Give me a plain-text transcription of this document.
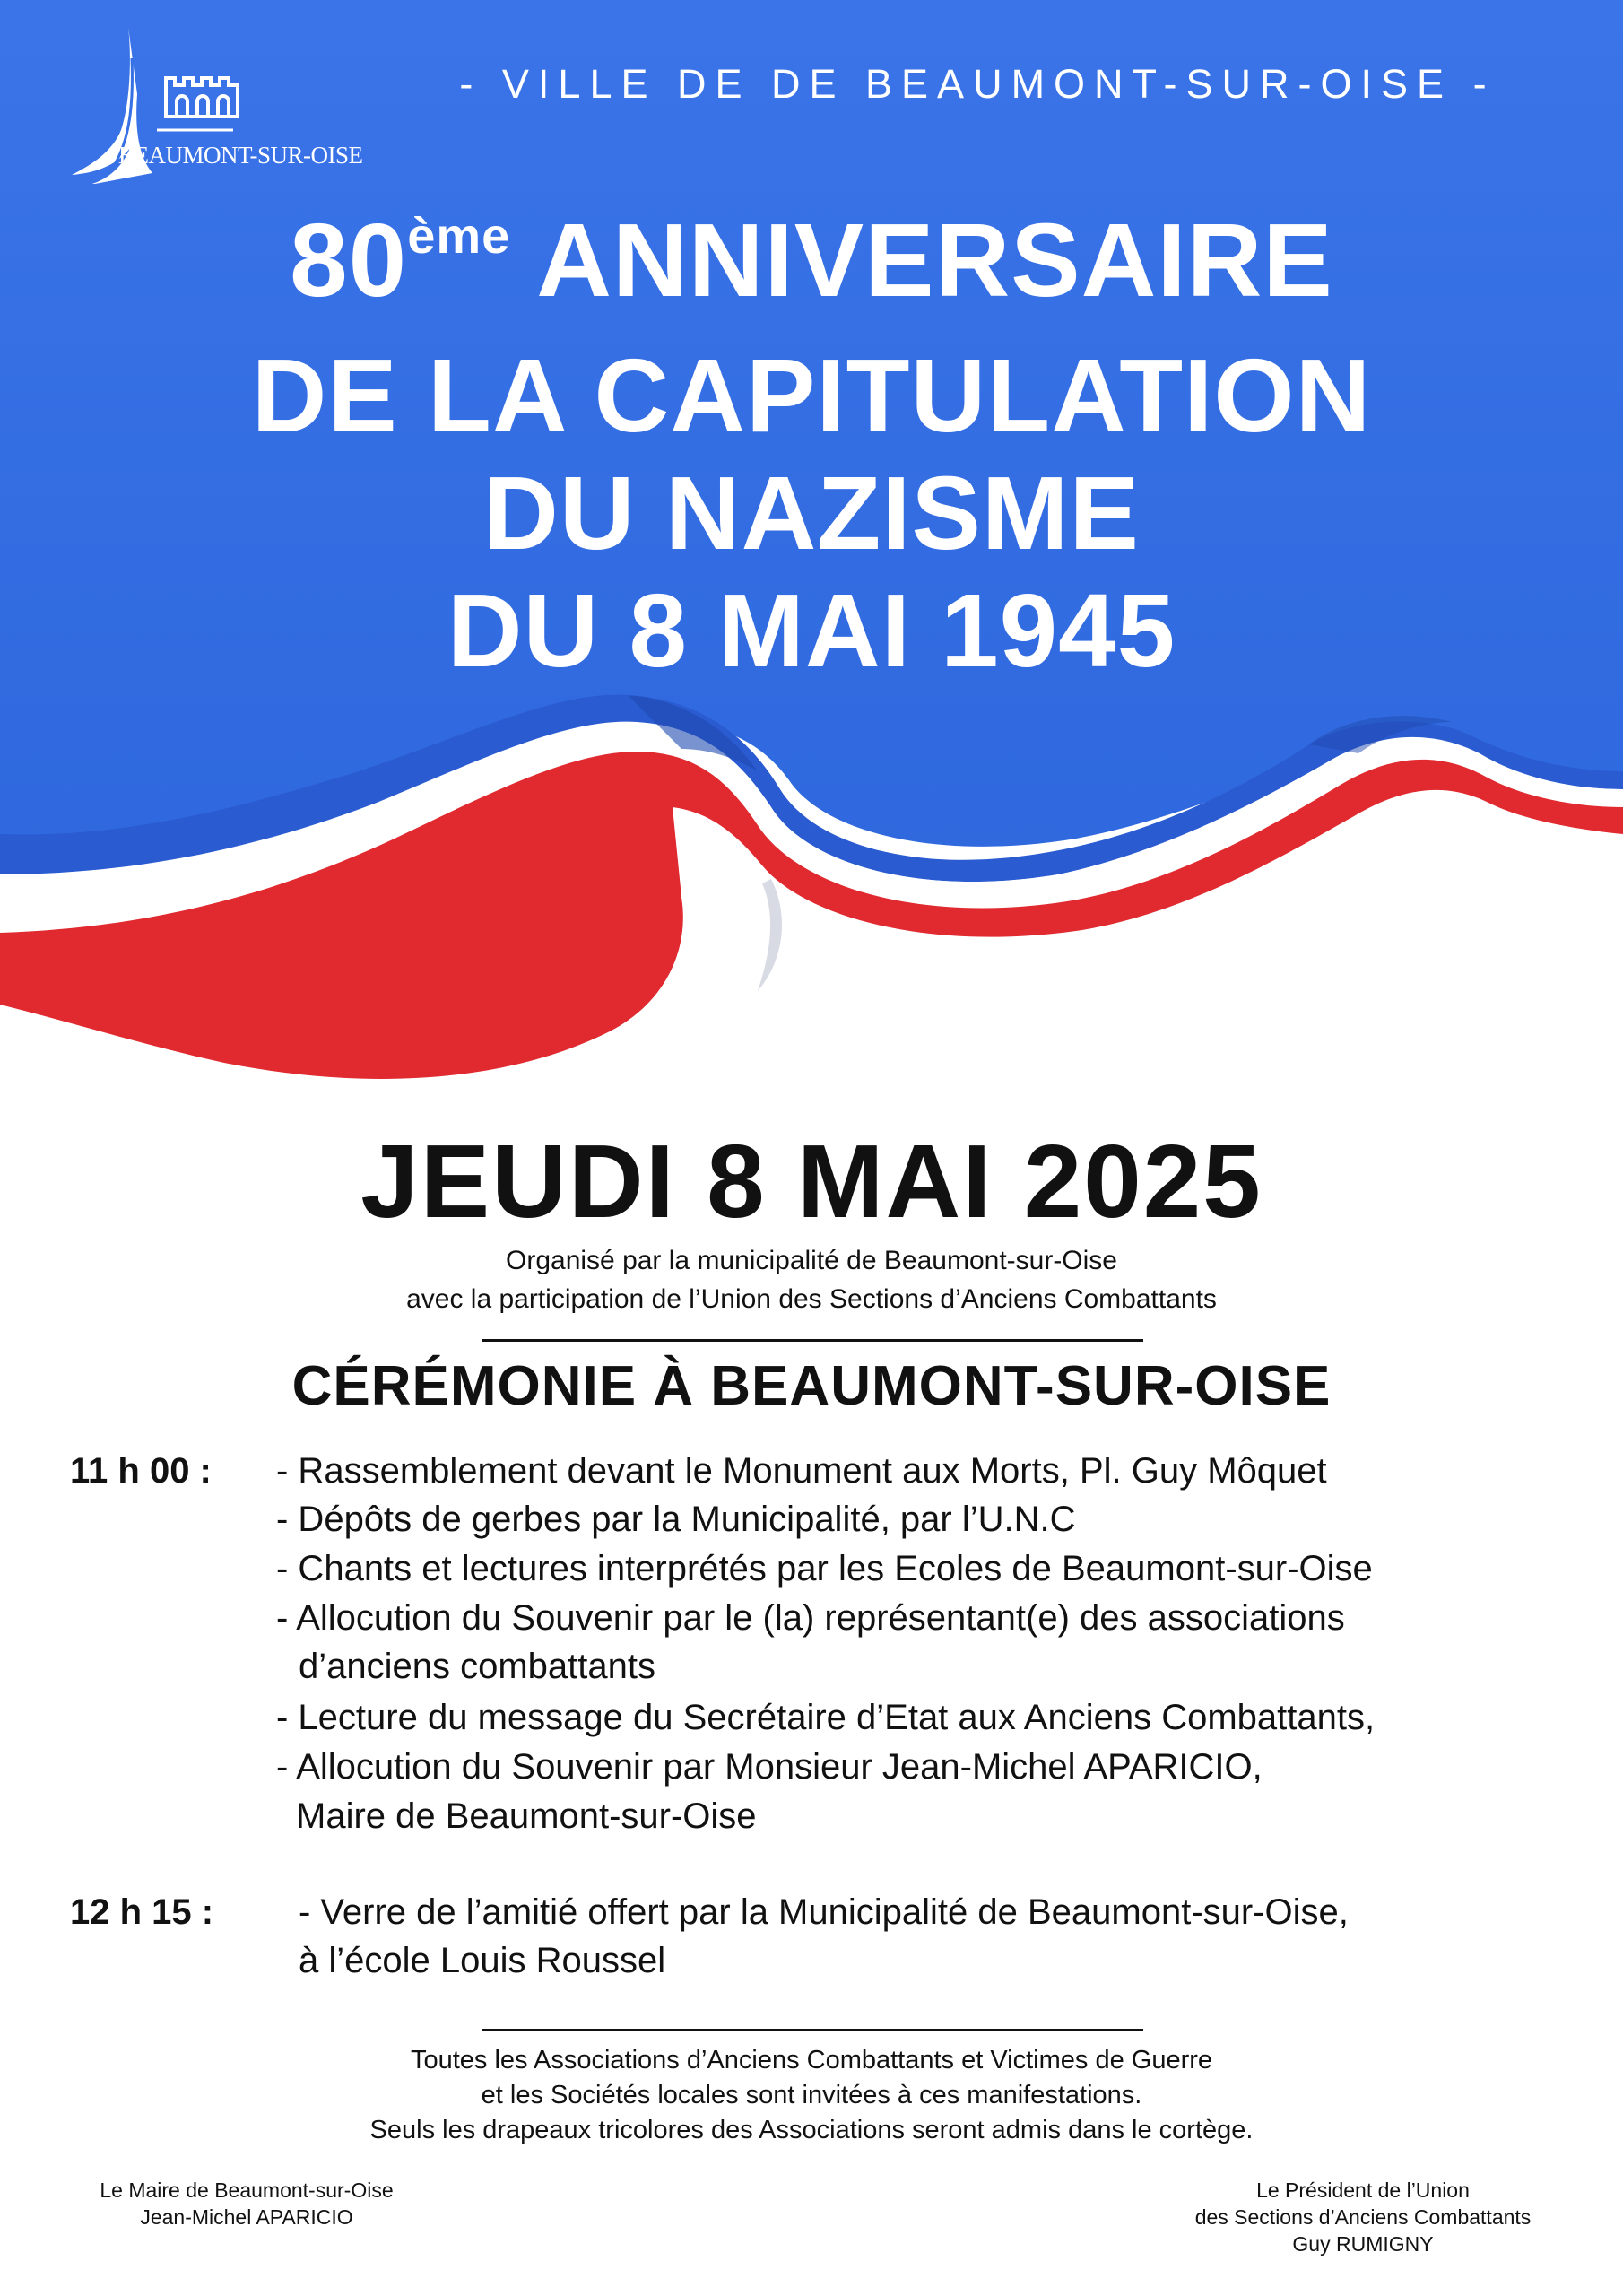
BEAUMONT-SUR-OISE
- VILLE DE DE BEAUMONT-SUR-OISE -
80ème ANNIVERSAIRE
DE LA CAPITULATION
DU NAZISME
DU 8 MAI 1945
JEUDI 8 MAI 2025
Organisé par la municipalité de Beaumont-sur-Oise
avec la participation de l’Union des Sections d’Anciens Combattants
CÉRÉMONIE À BEAUMONT-SUR-OISE
11 h 00 : - Rassemblement devant le Monument aux Morts, Pl. Guy Môquet
- Dépôts de gerbes par la Municipalité, par l’U.N.C
- Chants et lectures interprétés par les Ecoles de Beaumont-sur-Oise
- Allocution du Souvenir par le (la) représentant(e) des associations
d’anciens combattants
- Lecture du message du Secrétaire d’Etat aux Anciens Combattants,
- Allocution du Souvenir par Monsieur Jean-Michel APARICIO,
Maire de Beaumont-sur-Oise
12 h 15 : - Verre de l’amitié offert par la Municipalité de Beaumont-sur-Oise,
à l’école Louis Roussel
Toutes les Associations d’Anciens Combattants et Victimes de Guerre
et les Sociétés locales sont invitées à ces manifestations.
Seuls les drapeaux tricolores des Associations seront admis dans le cortège.
Le Maire de Beaumont-sur-Oise
Jean-Michel APARICIO
Le Président de l’Union
des Sections d’Anciens Combattants
Guy RUMIGNY
